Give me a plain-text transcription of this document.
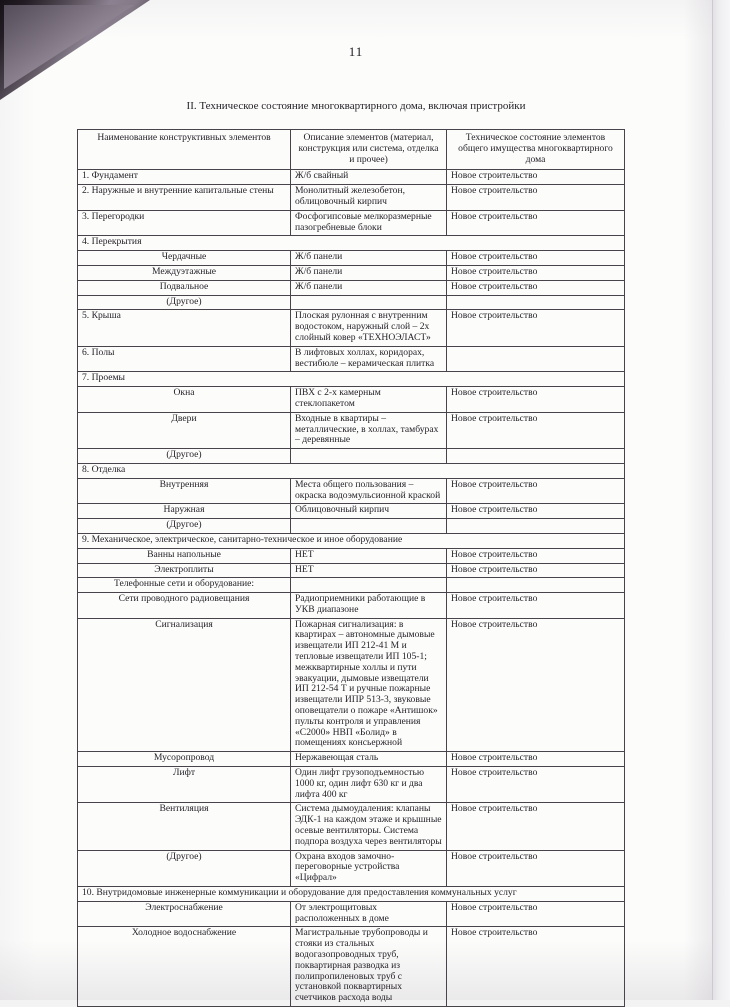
11
II. Техническое состояние многоквартирного дома, включая пристройки
Наименование конструктивных элементов	Описание элементов (материал, конструкция или система, отделка и прочее)	Техническое состояние элементов общего имущества многоквартирного дома
1. Фундамент	Ж/б свайный	Новое строительство
2. Наружные и внутренние капитальные стены	Монолитный железобетон, облицовочный кирпич	Новое строительство
3. Перегородки	Фосфогипсовые мелкоразмерные пазогребневые блоки	Новое строительство
4. Перекрытия		
Чердачные	Ж/б панели	Новое строительство
Междуэтажные	Ж/б панели	Новое строительство
Подвальное	Ж/б панели	Новое строительство
(Другое)		
5. Крыша	Плоская рулонная с внутренним водостоком, наружный слой – 2х слойный ковер «ТЕХНОЭЛАСТ»	Новое строительство
6. Полы	В лифтовых холлах, коридорах, вестибюле – керамическая плитка	
7. Проемы		
Окна	ПВХ с 2-х камерным стеклопакетом	Новое строительство
Двери	Входные в квартиры – металлические, в холлах, тамбурах – деревянные	Новое строительство
(Другое)		
8. Отделка		
Внутренняя	Места общего пользования – окраска водоэмульсионной краской	Новое строительство
Наружная	Облицовочный кирпич	Новое строительство
(Другое)		
9. Механическое, электрическое, санитарно-техническое и иное оборудование		
Ванны напольные	НЕТ	Новое строительство
Электроплиты	НЕТ	Новое строительство
Телефонные сети и оборудование:		
Сети проводного радиовещания	Радиоприемники работающие в УКВ диапазоне	Новое строительство
Сигнализация	Пожарная сигнализация: в квартирах – автономные дымовые извещатели ИП 212-41 М и тепловые извещатели ИП 105-1; межквартирные холлы и пути эвакуации, дымовые извещатели ИП 212-54 Т и ручные пожарные извещатели ИПР 513-3, звуковые оповещатели о пожаре «Антишок» пульты контроля и управления «С2000» НВП «Болид» в помещениях консьержной	Новое строительство
Мусоропровод	Нержавеющая сталь	Новое строительство
Лифт	Один лифт грузоподъемностью 1000 кг, один лифт 630 кг и два лифта 400 кг	Новое строительство
Вентиляция	Система дымоудаления: клапаны ЭДК-1 на каждом этаже и крышные осевые вентиляторы. Система подпора воздуха через вентиляторы	Новое строительство
(Другое)	Охрана входов замочно-переговорные устройства «Цифрал»	Новое строительство
10. Внутридомовые инженерные коммуникации и оборудование для предоставления коммунальных услуг		
Электроснабжение	От электрощитовых расположенных в доме	Новое строительство
Холодное водоснабжение	Магистральные трубопроводы и стояки из стальных водогазопроводных труб, поквартирная разводка из полипропиленовых труб с установкой поквартирных счетчиков расхода воды	Новое строительство
